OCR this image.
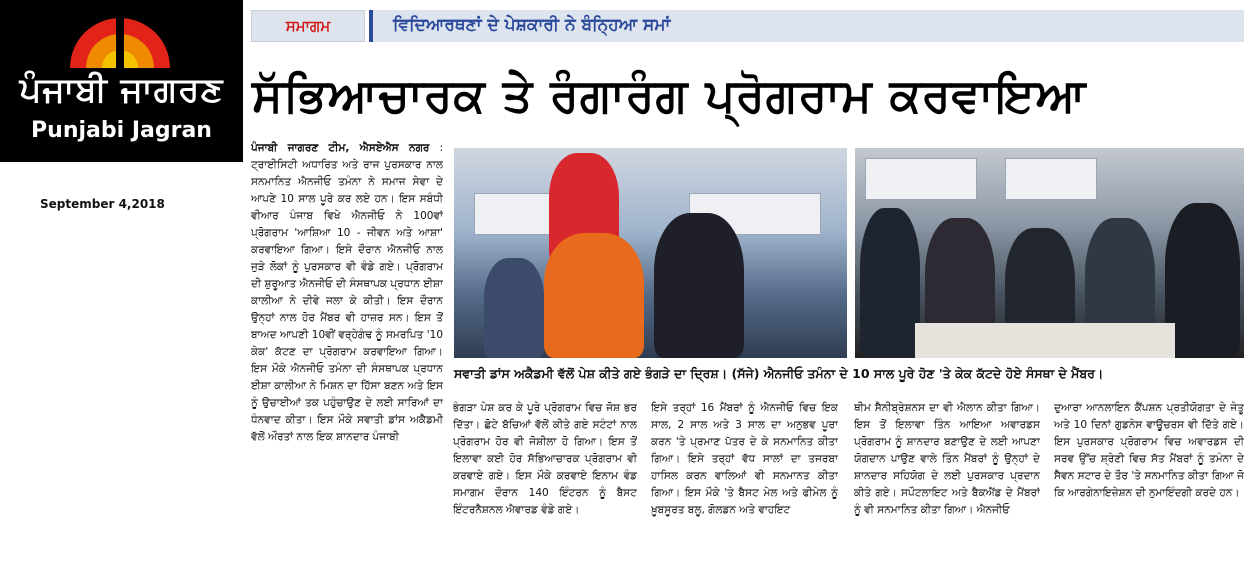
ਪੰਜਾਬੀ ਜਾਗਰਣ
Punjabi Jagran
September 4,2018
ਸਮਾਗਮ	ਵਿਦਿਆਰਥਣਾਂ ਦੇ ਪੇਸ਼ਕਾਰੀ ਨੇ ਬੰਨ੍ਹਿਆ ਸਮਾਂ
ਸੱਭਿਆਚਾਰਕ ਤੇ ਰੰਗਾਰੰਗ ਪ੍ਰੋਗਰਾਮ ਕਰਵਾਇਆ
ਪੰਜਾਬੀ ਜਾਗਰਣ ਟੀਮ, ਐਸਏਐਸ ਨਗਰ : ਟ੍ਰਾਈਸਿਟੀ ਅਧਾਰਿਤ ਅਤੇ ਰਾਜ ਪੁਰਸਕਾਰ ਨਾਲ ਸਨਮਾਨਿਤ ਐਨਜੀਓ ਤਮੰਨਾ ਨੇ ਸਮਾਜ ਸੇਵਾ ਦੇ ਆਪਣੇ 10 ਸਾਲ ਪੂਰੇ ਕਰ ਲਏ ਹਨ। ਇਸ ਸਬੰਧੀ ਵੀਆਰ ਪੰਜਾਬ ਵਿਖੇ ਐਨਜੀਓ ਨੇ 100ਵਾਂ ਪ੍ਰੋਗਰਾਮ 'ਆਸ਼ਿਆ 10 - ਜੀਵਨ ਅਤੇ ਆਸ਼ਾ' ਕਰਵਾਇਆ ਗਿਆ। ਇਸੇ ਦੌਰਾਨ ਐਨਜੀਓ ਨਾਲ ਜੁੜੇ ਲੋਕਾਂ ਨੂੰ ਪੁਰਸਕਾਰ ਵੀ ਵੰਡੇ ਗਏ। ਪ੍ਰੋਗਰਾਮ ਦੀ ਸ਼ੁਰੂਆਤ ਐਨਜੀਓ ਦੀ ਸੰਸਥਾਪਕ ਪ੍ਰਧਾਨ ਈਸ਼ਾ ਕਾਲੀਆ ਨੇ ਦੀਵੇ ਜਲਾ ਕੇ ਕੀਤੀ। ਇਸ ਦੌਰਾਨ ਉਨ੍ਹਾਂ ਨਾਲ ਹੋਰ ਮੈਂਬਰ ਵੀ ਹਾਜ਼ਰ ਸਨ। ਇਸ ਤੋਂ ਬਾਅਦ ਆਪਣੀ 10ਵੀਂ ਵਰ੍ਹੇਗੰਢ ਨੂੰ ਸਮਰਪਿਤ '10 ਕੇਕ' ਕੱਟਣ ਦਾ ਪ੍ਰੋਗਰਾਮ ਕਰਵਾਇਆ ਗਿਆ। ਇਸ ਮੌਕੇ ਐਨਜੀਓ ਤਮੰਨਾ ਦੀ ਸੰਸਥਾਪਕ ਪ੍ਰਧਾਨ ਈਸ਼ਾ ਕਾਲੀਆ ਨੇ ਮਿਸ਼ਨ ਦਾ ਹਿੱਸਾ ਬਣਨ ਅਤੇ ਇਸ ਨੂੰ ਉਚਾਈਆਂ ਤਕ ਪਹੁੰਚਾਉਣ ਦੇ ਲਈ ਸਾਰਿਆਂ ਦਾ ਧੰਨਵਾਦ ਕੀਤਾ। ਇਸ ਮੌਕੇ ਸਵਾਤੀ ਡਾਂਸ ਅਕੈਡਮੀ ਵੱਲੋਂ ਔਰਤਾਂ ਨਾਲ ਇਕ ਸ਼ਾਨਦਾਰ ਪੰਜਾਬੀ
ਸਵਾਤੀ ਡਾਂਸ ਅਕੈਡਮੀ ਵੱਲੋਂ ਪੇਸ਼ ਕੀਤੇ ਗਏ ਭੰਗੜੇ ਦਾ ਦ੍ਰਿਸ਼। (ਸੱਜੇ) ਐਨਜੀਓ ਤਮੰਨਾ ਦੇ 10 ਸਾਲ ਪੂਰੇ ਹੋਣ 'ਤੇ ਕੇਕ ਕੱਟਦੇ ਹੋਏ ਸੰਸਥਾ ਦੇ ਮੈਂਬਰ।
ਭੰਗੜਾ ਪੇਸ਼ ਕਰ ਕੇ ਪੂਰੇ ਪ੍ਰੋਗਰਾਮ ਵਿਚ ਜੋਸ਼ ਭਰ ਦਿੱਤਾ। ਛੋਟੇ ਬੱਚਿਆਂ ਵੱਲੋਂ ਕੀਤੇ ਗਏ ਸਟੰਟਾਂ ਨਾਲ ਪ੍ਰੋਗਰਾਮ ਹੋਰ ਵੀ ਜੋਸ਼ੀਲਾ ਹੋ ਗਿਆ। ਇਸ ਤੋਂ ਇਲਾਵਾ ਕਈ ਹੋਰ ਸੱਭਿਆਚਾਰਕ ਪ੍ਰੋਗਰਾਮ ਵੀ ਕਰਵਾਏ ਗਏ। ਇਸ ਮੌਕੇ ਕਰਵਾਏ ਇਨਾਮ ਵੰਡ ਸਮਾਗਮ ਦੌਰਾਨ 140 ਇੰਟਰਨ ਨੂੰ ਬੈਸਟ ਇੰਟਰਨੈਸ਼ਨਲ ਐਵਾਰਡ ਵੰਡੇ ਗਏ।
ਇਸੇ ਤਰ੍ਹਾਂ 16 ਮੈਂਬਰਾਂ ਨੂੰ ਐਨਜੀਓ ਵਿਚ ਇਕ ਸਾਲ, 2 ਸਾਲ ਅਤੇ 3 ਸਾਲ ਦਾ ਅਨੁਭਵ ਪੂਰਾ ਕਰਨ 'ਤੇ ਪ੍ਰਮਾਣ ਪੱਤਰ ਦੇ ਕੇ ਸਨਮਾਨਿਤ ਕੀਤਾ ਗਿਆ। ਇਸੇ ਤਰ੍ਹਾਂ ਵੱਧ ਸਾਲਾਂ ਦਾ ਤਜਰਬਾ ਹਾਸਿਲ ਕਰਨ ਵਾਲਿਆਂ ਵੀ ਸਨਮਾਨਤ ਕੀਤਾ ਗਿਆ। ਇਸ ਮੌਕੇ 'ਤੇ ਬੈਸਟ ਮੇਲ ਅਤੇ ਫੀਮੇਲ ਨੂੰ ਖ਼ੂਬਸੂਰਤ ਬਲੂ, ਗੋਲਡਨ ਅਤੇ ਵਾਹਇਟ
ਥੀਮ ਸੈਨੀਬ੍ਰੇਸ਼ਨਸ ਦਾ ਵੀ ਐਲਾਨ ਕੀਤਾ ਗਿਆ। ਇਸ ਤੋਂ ਇਲਾਵਾ ਤਿੰਨ ਆਇਆ ਅਵਾਰਡਸ ਪ੍ਰੋਗਰਾਮ ਨੂੰ ਸ਼ਾਨਦਾਰ ਬਣਾਉਣ ਦੇ ਲਈ ਆਪਣਾ ਯੋਗਦਾਨ ਪਾਉਣ ਵਾਲੇ ਤਿੰਨ ਮੈਂਬਰਾਂ ਨੂੰ ਉਨ੍ਹਾਂ ਦੇ ਸ਼ਾਨਦਾਰ ਸਹਿਯੋਗ ਦੇ ਲਈ ਪੁਰਸਕਾਰ ਪ੍ਰਦਾਨ ਕੀਤੇ ਗਏ। ਸਪੌਟਲਾਇਟ ਅਤੇ ਬੈਕਐਂਡ ਦੇ ਮੈਂਬਰਾਂ ਨੂੰ ਵੀ ਸਨਮਾਨਿਤ ਕੀਤਾ ਗਿਆ। ਐਨਜੀਓ
ਦੁਆਰਾ ਆਨਲਾਇਨ ਕੈਂਪਸ਼ਨ ਪ੍ਰਤੀਯੋਗਤਾ ਦੇ ਜੇਤੂ ਅਤੇ 10 ਦਿਨਾਂ ਗੁਡਨੇਸ ਵਾਊਚਰਸ ਵੀ ਦਿੱਤੇ ਗਏ। ਇਸ ਪੁਰਸਕਾਰ ਪ੍ਰੋਗਰਾਮ ਵਿਚ ਅਵਾਰਡਸ ਦੀ ਸਰਵ ਉੱਚ ਸ਼੍ਰੇਣੀ ਵਿਚ ਸੱਤ ਮੈਂਬਰਾਂ ਨੂੰ ਤਮੰਨਾ ਦੇ ਸੈਵਨ ਸਟਾਰ ਦੇ ਤੌਰ 'ਤੇ ਸਨਮਾਨਿਤ ਕੀਤਾ ਗਿਆ ਜੋ ਕਿ ਆਰਗੇਨਾਇਜ਼ੇਸ਼ਨ ਦੀ ਨੁਮਾਇੰਦਗੀ ਕਰਦੇ ਹਨ।
